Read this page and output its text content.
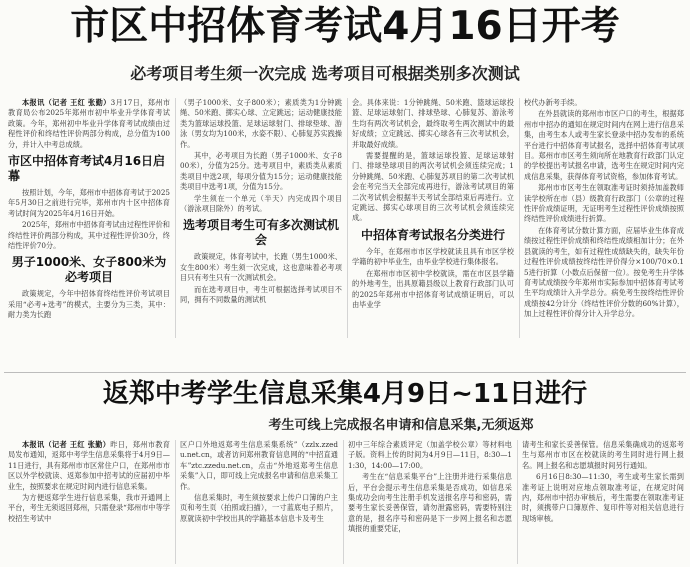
市区中招体育考试4月16日开考
必考项目考生须一次完成 选考项目可根据类别多次测试

本报讯（记者 王红 张勤）3月17日，郑州市教育局公布2025年郑州市初中毕业升学体育考试政策。今年，郑州初中毕业升学体育考试成绩由过程性评价和终结性评价两部分构成，总分值为100分，并计入中考总成绩。

市区中招体育考试4月16日启幕

按照计划，今年，郑州市中招体育考试于2025年5月30日之前进行完毕，郑州市内十区中招体育考试时间为2025年4月16日开始。

2025年，郑州市中招体育考试由过程性评价和终结性评价两部分构成，其中过程性评价30分，终结性评价70分。

男子1000米、女子800米为必考项目

政策规定，今年中招体育终结性评价考试项目采用“必考+选考”的模式，主要分为三类，其中：耐力类为长跑

（男子1000米、女子800米）；素质类为1分钟跳绳、50米跑、掷实心球、立定跳远；运动健康技能类为篮球运球投篮、足球运球射门、排球垫球、游泳（男女均为100米，水姿不限）、心肺复苏实践操作。

其中，必考项目为长跑（男子1000米、女子800米），分值为25分。选考项目中，素质类从素质类项目中选2项，每项分值为15分；运动健康技能类项目中选考1项，分值为15分。

学生须在一个单元（半天）内完成四个项目（游泳项目除外）的考试。

选考项目考生可有多次测试机会

政策规定，体育考试中，长跑（男生1000米、女生800米）考生须一次完成，这也意味着必考项目只有考生只有一次测试机会。

而在选考项目中，考生可根据选择考试项目不同，拥有不同数量的测试机

会。具体来说：1分钟跳绳、50米跑、篮球运球投篮、足球运球射门、排球垫球、心肺复苏、游泳考生均有两次考试机会，最终取考生两次测试中的最好成绩；立定跳远、掷实心球各有三次考试机会，并取最好成绩。

需要提醒的是，篮球运球投篮、足球运球射门、排球垫球项目的两次考试机会须连续完成；1分钟跳绳、50米跑、心肺复苏项目的第二次考试机会在考完当天全部完成再进行，游泳考试项目的第二次考试机会根据半天考试全部结束后再进行。立定跳远、掷实心球项目的三次考试机会须连续完成。

中招体育考试报名分类进行

今年，在郑州市市区学校就读且具有市区学校学籍的初中毕业生，由毕业学校进行集体报名。

在郑州市市区初中学校就读，需在市区县学籍的外地考生，出具原籍县级以上教育行政部门认可的2025年郑州市中招体育考试成绩证明后，可以由毕业学

校代办新考手续。

在外县就读的郑州市市区户口的考生，根据郑州市中招办的通知在规定时间内在网上进行信息采集，由考生本人或考生家长登录中招办发布的系统平台进行中招体育考试报名，选择中招体育考试项目。郑州市市区考生须向所在地教育行政部门认定的学校提出考试报名申请，选考生在规定时间内完成信息采集，获得体育考试资格，参加体育考试。

郑州市市区考生在领取准考证时须持加盖教师读学校所在市（县）级教育行政部门（公章的过程性评价成绩证明，无证明考生过程性评价成绩按照终结性评价成绩进行折算。

在体育考试分数计算方面，应届毕业生体育成绩按过程性评价成绩和终结性成绩相加计分；在外县就读的考生，如有过程性成绩缺失的，缺失年份过程性评价成绩按终结性评价得分×100/70×0.15进行折算（小数点后保留一位）。按免考生升学体育考试成绩按今年郑州市实际参加中招体育考试考生平均成绩计入升学总分。病免考生按终结性评价成绩按42分计分（终结性评价分数的60%计算），加上过程性评价得分计入升学总分。

返郑中考学生信息采集4月9日~11日进行
考生可线上完成报名申请和信息采集,无须返郑

本报讯（记者 王红 张勤）昨日，郑州市教育局发布通知，返郑中考学生信息采集将于4月9日—11日进行，具有郑州市市区常住户口，在郑州市市区以外学校就读、返郑参加中招考试的应届初中毕业生，按照要求在规定时间内进行信息采集。

为方便返郑学生进行信息采集，我市开通网上平台，考生无须返回郑州，只需登录“郑州市中等学校招生考试中

区户口外地返郑考生信息采集系统”（zzlx.zzedu.net.cn，或者访问郑州教育信息网的“中招直通车”ztc.zzedu.net.cn，点击“外地返郑考生信息采集”入口，即可线上完成报名申请和信息采集工作。

信息采集时，考生须按要求上传户口簿的户主页和考生页（拍照或扫描），一寸蓝底电子照片，原就读初中学校出具的学籍基本信息卡及考生

初中三年综合素质评定（加盖学校公章）等材料电子版。资料上传的时间为4月9日—11日，8:30—11:30，14:00—17:00。

考生在“信息采集平台”上注册并进行采集信息后，平台会提示考生信息采集是否成功，如信息采集成功会向考生注册手机发送报名序号和密码，需要考生家长妥善保管，请勿泄露密码，需要特别注意的是，报名序号和密码是下一步网上报名和志愿填报的重要凭证，

请考生和家长妥善保管。信息采集确成功的返郑考生与郑州市市区在校就读的考生同时进行网上报名。网上报名和志愿填报时间另行通知。

6月16日8:30—11:30，考生或考生家长需到准考证上说明对应地点领取准考证，在规定时间内，郑州市中招办审核后，考生需要在领取准考证时，须携带户口簿原件、复印件等对相关信息进行现场审核。
